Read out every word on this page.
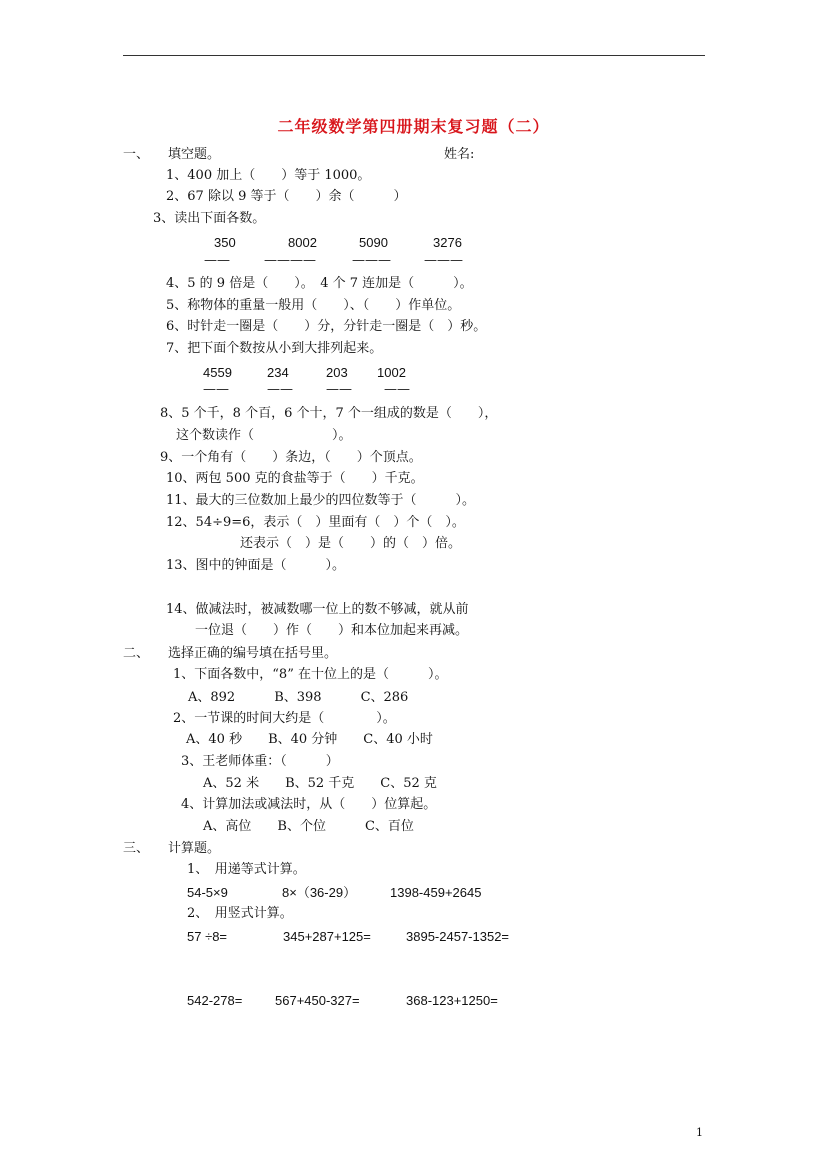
二年级数学第四册期末复习题（二）
一、 填空题。	姓名:
1、400 加上（　　）等于 1000。
2、67 除以 9 等于（　　）余（　　　）
3、读出下面各数。
350	8002	5090	3276
——	————	———	———
4、5 的 9 倍是（　　）。　4 个 7 连加是（　　　）。
5、称物体的重量一般用（　　）、（　　）作单位。
6、时针走一圈是（　　）分，分针走一圈是（　）秒。
7、把下面个数按从小到大排列起来。
4559	234	203 1002
——	——	—— ——
8、5 个千，8 个百，6 个十，7 个一组成的数是（　　），
这个数读作（　　　　　　）。
9、一个角有（　　）条边，（　　）个顶点。
10、两包 500 克的食盐等于（　　）千克。
11、最大的三位数加上最少的四位数等于（　　　）。
12、54÷9=6，表示（　）里面有（　）个（　）。
还表示（　）是（　　）的（　）倍。
13、图中的钟面是（　　　）。
14、做减法时，被减数哪一位上的数不够减，就从前
一位退（　　）作（　　）和本位加起来再减。
二、 选择正确的编号填在括号里。
1、下面各数中，“8” 在十位上的是（　　　）。
A、892　　　B、398　　　C、286
2、一节课的时间大约是（　　　　）。
A、40 秒　　B、40 分钟　　C、40 小时
3、王老师体重：（　　　）
A、52 米　　B、52 千克　　C、52 克
4、计算加法或减法时，从（　　）位算起。
A、高位　　B、个位　　　C、百位
三、 计算题。
1、　用递等式计算。
54-5×9	8×（36-29）	1398-459+2645
2、　用竖式计算。
57 ÷8=	345+287+125=	3895-2457-1352=
542-278=	567+450-327=	368-123+1250=
1
